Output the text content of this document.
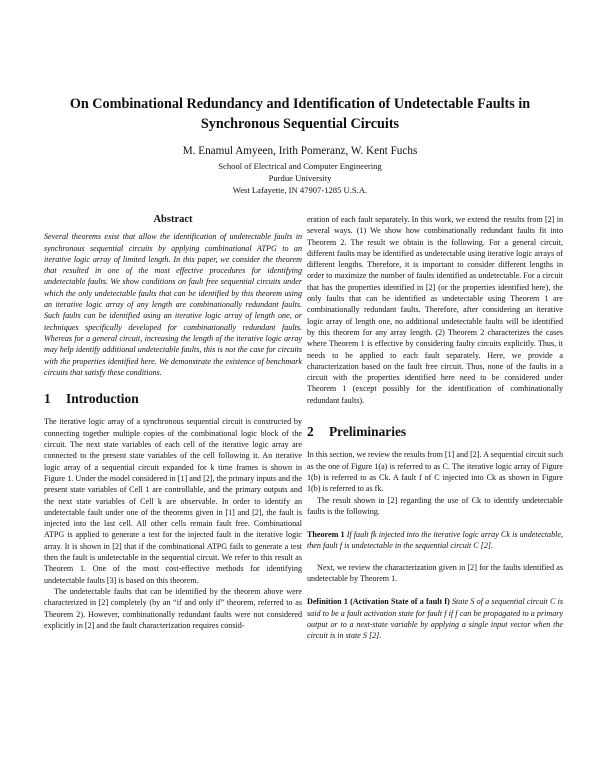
On Combinational Redundancy and Identification of Undetectable Faults in Synchronous Sequential Circuits
M. Enamul Amyeen, Irith Pomeranz, W. Kent Fuchs
School of Electrical and Computer Engineering
Purdue University
West Lafayette, IN 47907-1285 U.S.A.
Abstract

Several theorems exist that allow the identification of undetectable faults in synchronous sequential circuits by applying combinational ATPG to an iterative logic array of limited length. In this paper, we consider the theorem that resulted in one of the most effective procedures for identifying undetectable faults. We show conditions on fault free sequential circuits under which the only undetectable faults that can be identified by this theorem using an iterative logic array of any length are combinationally redundant faults. Such faults can be identified using an iterative logic array of length one, or techniques specifically developed for combinationally redundant faults. Whereas for a general circuit, increasing the length of the iterative logic array may help identify additional undetectable faults, this is not the case for circuits with the properties identified here. We demonstrate the existence of benchmark circuits that satisfy these conditions.

1 Introduction

The iterative logic array of a synchronous sequential circuit is constructed by connecting together multiple copies of the combinational logic block of the circuit. The next state variables of each cell of the iterative logic array are connected to the present state variables of the cell following it. An iterative logic array of a sequential circuit expanded for k time frames is shown in Figure 1. Under the model considered in [1] and [2], the primary inputs and the present state variables of Cell 1 are controllable, and the primary outputs and the next state variables of Cell k are observable. In order to identify an undetectable fault under one of the theorems given in [1] and [2], the fault is injected into the last cell. All other cells remain fault free. Combinational ATPG is applied to generate a test for the injected fault in the iterative logic array. It is shown in [2] that if the combinational ATPG fails to generate a test then the fault is undetectable in the sequential circuit. We refer to this result as Theorem 1. One of the most cost-effective methods for identifying undetectable faults [3] is based on this theorem.

The undetectable faults that can be identified by the theorem above were characterized in [2] completely (by an “if and only if” theorem, referred to as Theorem 2). However, combinationally redundant faults were not considered explicitly in [2] and the fault characterization requires consid-

eration of each fault separately. In this work, we extend the results from [2] in several ways. (1) We show how combinationally redundant faults fit into Theorem 2. The result we obtain is the following. For a general circuit, different faults may be identified as undetectable using iterative logic arrays of different lengths. Therefore, it is important to consider different lengths in order to maximize the number of faults identified as undetectable. For a circuit that has the properties identified in [2] (or the properties identified here), the only faults that can be identified as undetectable using Theorem 1 are combinationally redundant faults. Therefore, after considering an iterative logic array of length one, no additional undetectable faults will be identified by this theorem for any array length. (2) Theorem 2 characterizes the cases where Theorem 1 is effective by considering faulty circuits explicitly. Thus, it needs to be applied to each fault separately. Here, we provide a characterization based on the fault free circuit. Thus, none of the faults in a circuit with the properties identified here need to be considered under Theorem 1 (except possibly for the identification of combinationally redundant faults).

2 Preliminaries

In this section, we review the results from [1] and [2]. A sequential circuit such as the one of Figure 1(a) is referred to as C. The iterative logic array of Figure 1(b) is referred to as Ck. A fault f of C injected into Ck as shown in Figure 1(b) is referred to as fk.

The result shown in [2] regarding the use of Ck to identify undetectable faults is the following.

Theorem 1 If fault fk injected into the iterative logic array Ck is undetectable, then fault f is undetectable in the sequential circuit C [2].

Next, we review the characterization given in [2] for the faults identified as undetectable by Theorem 1.

Definition 1 (Activation State of a fault f) State S of a sequential circuit C is said to be a fault activation state for fault f if f can be propagated to a primary output or to a next-state variable by applying a single input vector when the circuit is in state S [2].
